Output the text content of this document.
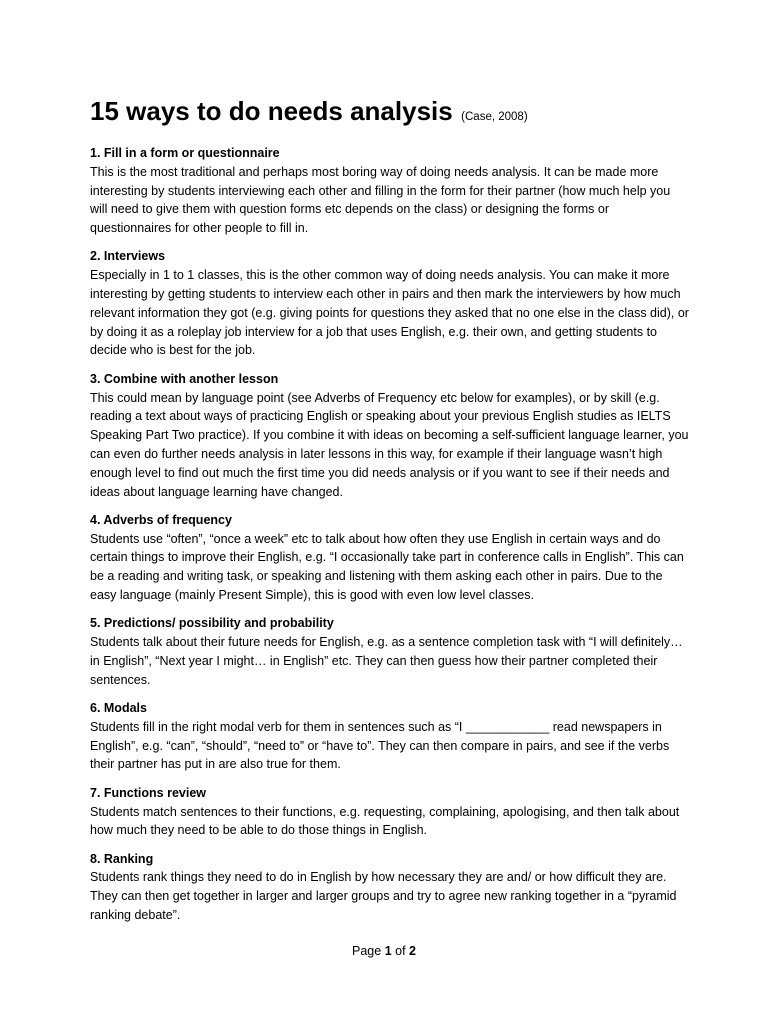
15 ways to do needs analysis (Case, 2008)

1. Fill in a form or questionnaire

This is the most traditional and perhaps most boring way of doing needs analysis. It can be made more interesting by students interviewing each other and filling in the form for their partner (how much help you will need to give them with question forms etc depends on the class) or designing the forms or questionnaires for other people to fill in.

2. Interviews

Especially in 1 to 1 classes, this is the other common way of doing needs analysis. You can make it more interesting by getting students to interview each other in pairs and then mark the interviewers by how much relevant information they got (e.g. giving points for questions they asked that no one else in the class did), or by doing it as a roleplay job interview for a job that uses English, e.g. their own, and getting students to decide who is best for the job.

3. Combine with another lesson

This could mean by language point (see Adverbs of Frequency etc below for examples), or by skill (e.g. reading a text about ways of practicing English or speaking about your previous English studies as IELTS Speaking Part Two practice). If you combine it with ideas on becoming a self-sufficient language learner, you can even do further needs analysis in later lessons in this way, for example if their language wasn’t high enough level to find out much the first time you did needs analysis or if you want to see if their needs and ideas about language learning have changed.

4. Adverbs of frequency

Students use “often”, “once a week” etc to talk about how often they use English in certain ways and do certain things to improve their English, e.g. “I occasionally take part in conference calls in English”. This can be a reading and writing task, or speaking and listening with them asking each other in pairs. Due to the easy language (mainly Present Simple), this is good with even low level classes.

5. Predictions/ possibility and probability

Students talk about their future needs for English, e.g. as a sentence completion task with “I will definitely… in English”, “Next year I might… in English” etc. They can then guess how their partner completed their sentences.

6. Modals

Students fill in the right modal verb for them in sentences such as “I ____________ read newspapers in English”, e.g. “can”, “should”, “need to” or “have to”. They can then compare in pairs, and see if the verbs their partner has put in are also true for them.

7. Functions review

Students match sentences to their functions, e.g. requesting, complaining, apologising, and then talk about how much they need to be able to do those things in English.

8. Ranking

Students rank things they need to do in English by how necessary they are and/ or how difficult they are. They can then get together in larger and larger groups and try to agree new ranking together in a “pyramid ranking debate”.

Page 1 of 2
